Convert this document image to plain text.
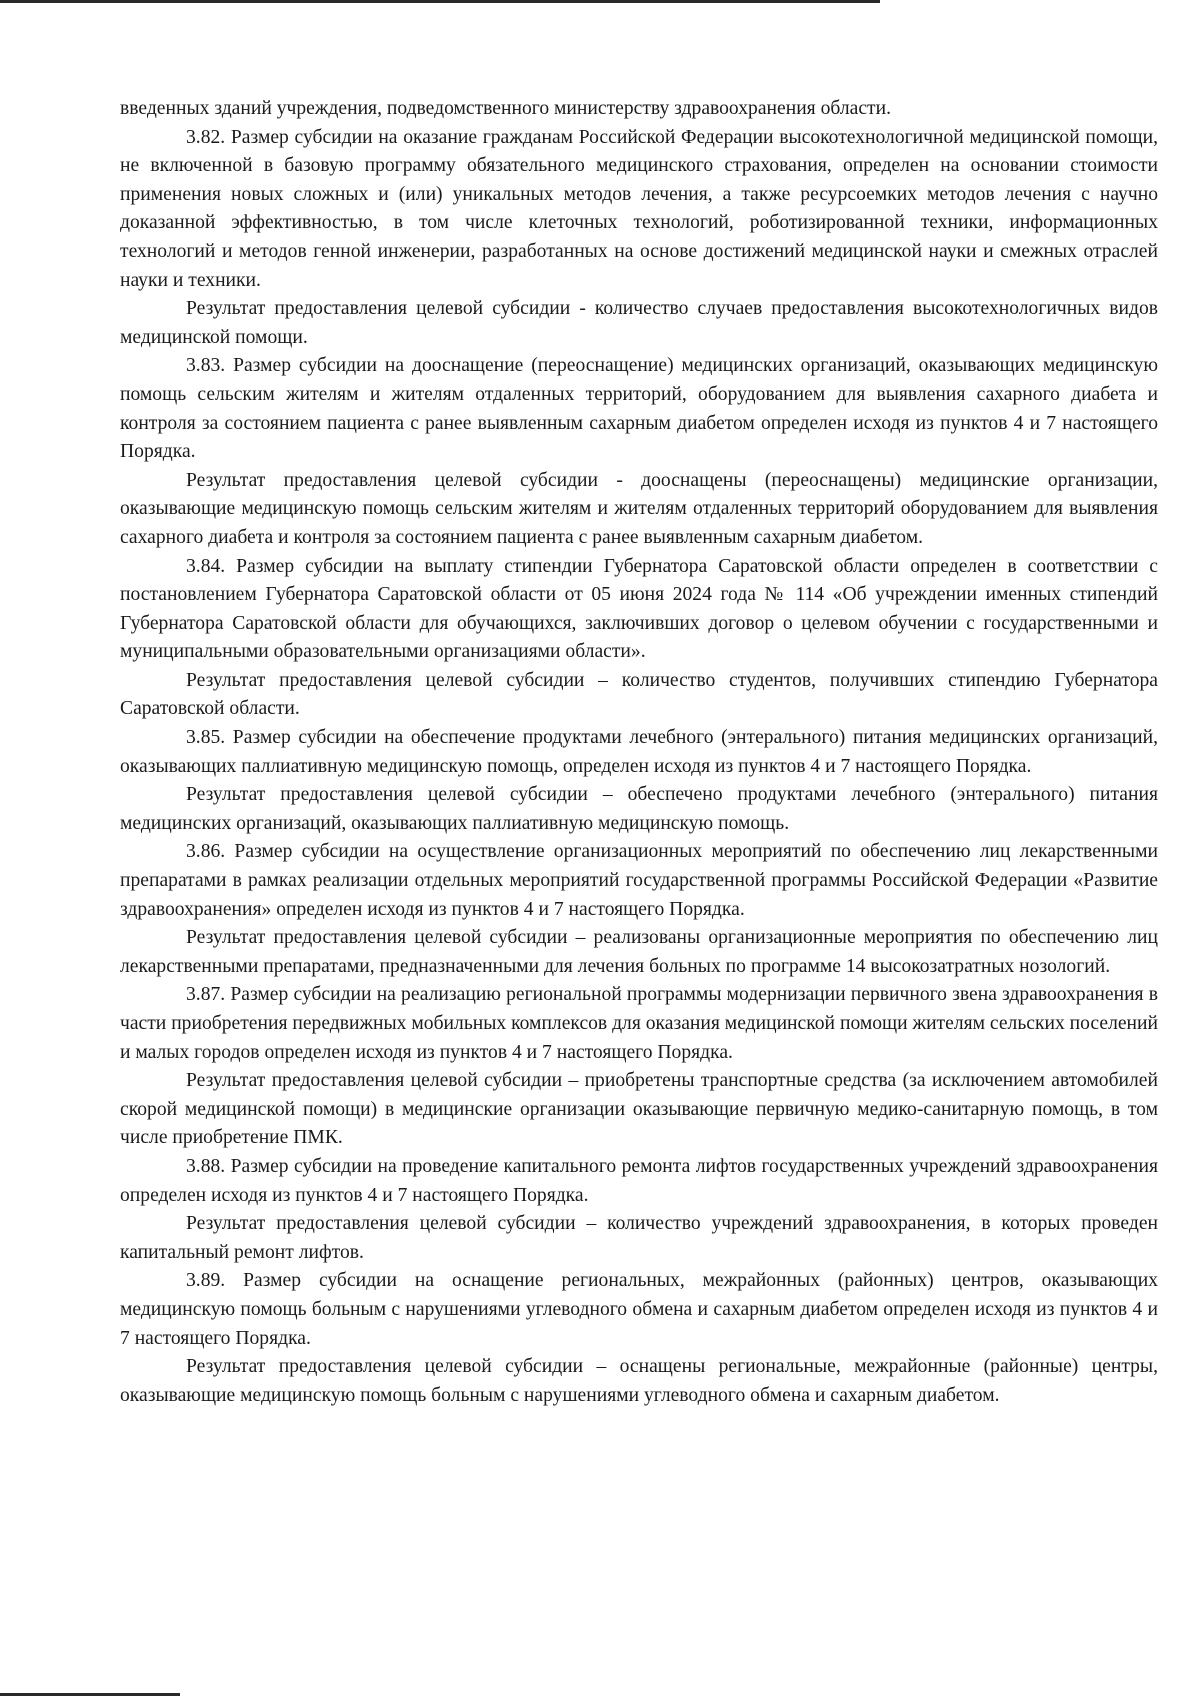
введенных зданий учреждения, подведомственного министерству здравоохранения области.

3.82. Размер субсидии на оказание гражданам Российской Федерации высокотехнологичной медицинской помощи, не включенной в базовую программу обязательного медицинского страхования, определен на основании стоимости применения новых сложных и (или) уникальных методов лечения, а также ресурсоемких методов лечения с научно доказанной эффективностью, в том числе клеточных технологий, роботизированной техники, информационных технологий и методов генной инженерии, разработанных на основе достижений медицинской науки и смежных отраслей науки и техники.

Результат предоставления целевой субсидии - количество случаев предоставления высокотехнологичных видов медицинской помощи.

3.83. Размер субсидии на дооснащение (переоснащение) медицинских организаций, оказывающих медицинскую помощь сельским жителям и жителям отдаленных территорий, оборудованием для выявления сахарного диабета и контроля за состоянием пациента с ранее выявленным сахарным диабетом определен исходя из пунктов 4 и 7 настоящего Порядка.

Результат предоставления целевой субсидии - дооснащены (переоснащены) медицинские организации, оказывающие медицинскую помощь сельским жителям и жителям отдаленных территорий оборудованием для выявления сахарного диабета и контроля за состоянием пациента с ранее выявленным сахарным диабетом.

3.84. Размер субсидии на выплату стипендии Губернатора Саратовской области определен в соответствии с постановлением Губернатора Саратовской области от 05 июня 2024 года № 114 «Об учреждении именных стипендий Губернатора Саратовской области для обучающихся, заключивших договор о целевом обучении с государственными и муниципальными образовательными организациями области».

Результат предоставления целевой субсидии – количество студентов, получивших стипендию Губернатора Саратовской области.

3.85. Размер субсидии на обеспечение продуктами лечебного (энтерального) питания медицинских организаций, оказывающих паллиативную медицинскую помощь, определен исходя из пунктов 4 и 7 настоящего Порядка.

Результат предоставления целевой субсидии – обеспечено продуктами лечебного (энтерального) питания медицинских организаций, оказывающих паллиативную медицинскую помощь.

3.86. Размер субсидии на осуществление организационных мероприятий по обеспечению лиц лекарственными препаратами в рамках реализации отдельных мероприятий государственной программы Российской Федерации «Развитие здравоохранения» определен исходя из пунктов 4 и 7 настоящего Порядка.

Результат предоставления целевой субсидии – реализованы организационные мероприятия по обеспечению лиц лекарственными препаратами, предназначенными для лечения больных по программе 14 высокозатратных нозологий.

3.87. Размер субсидии на реализацию региональной программы модернизации первичного звена здравоохранения в части приобретения передвижных мобильных комплексов для оказания медицинской помощи жителям сельских поселений и малых городов определен исходя из пунктов 4 и 7 настоящего Порядка.

Результат предоставления целевой субсидии – приобретены транспортные средства (за исключением автомобилей скорой медицинской помощи) в медицинские организации оказывающие первичную медико-санитарную помощь, в том числе приобретение ПМК.

3.88. Размер субсидии на проведение капитального ремонта лифтов государственных учреждений здравоохранения определен исходя из пунктов 4 и 7 настоящего Порядка.

Результат предоставления целевой субсидии – количество учреждений здравоохранения, в которых проведен капитальный ремонт лифтов.

3.89. Размер субсидии на оснащение региональных, межрайонных (районных) центров, оказывающих медицинскую помощь больным с нарушениями углеводного обмена и сахарным диабетом определен исходя из пунктов 4 и 7 настоящего Порядка.

Результат предоставления целевой субсидии – оснащены региональные, межрайонные (районные) центры, оказывающие медицинскую помощь больным с нарушениями углеводного обмена и сахарным диабетом.
